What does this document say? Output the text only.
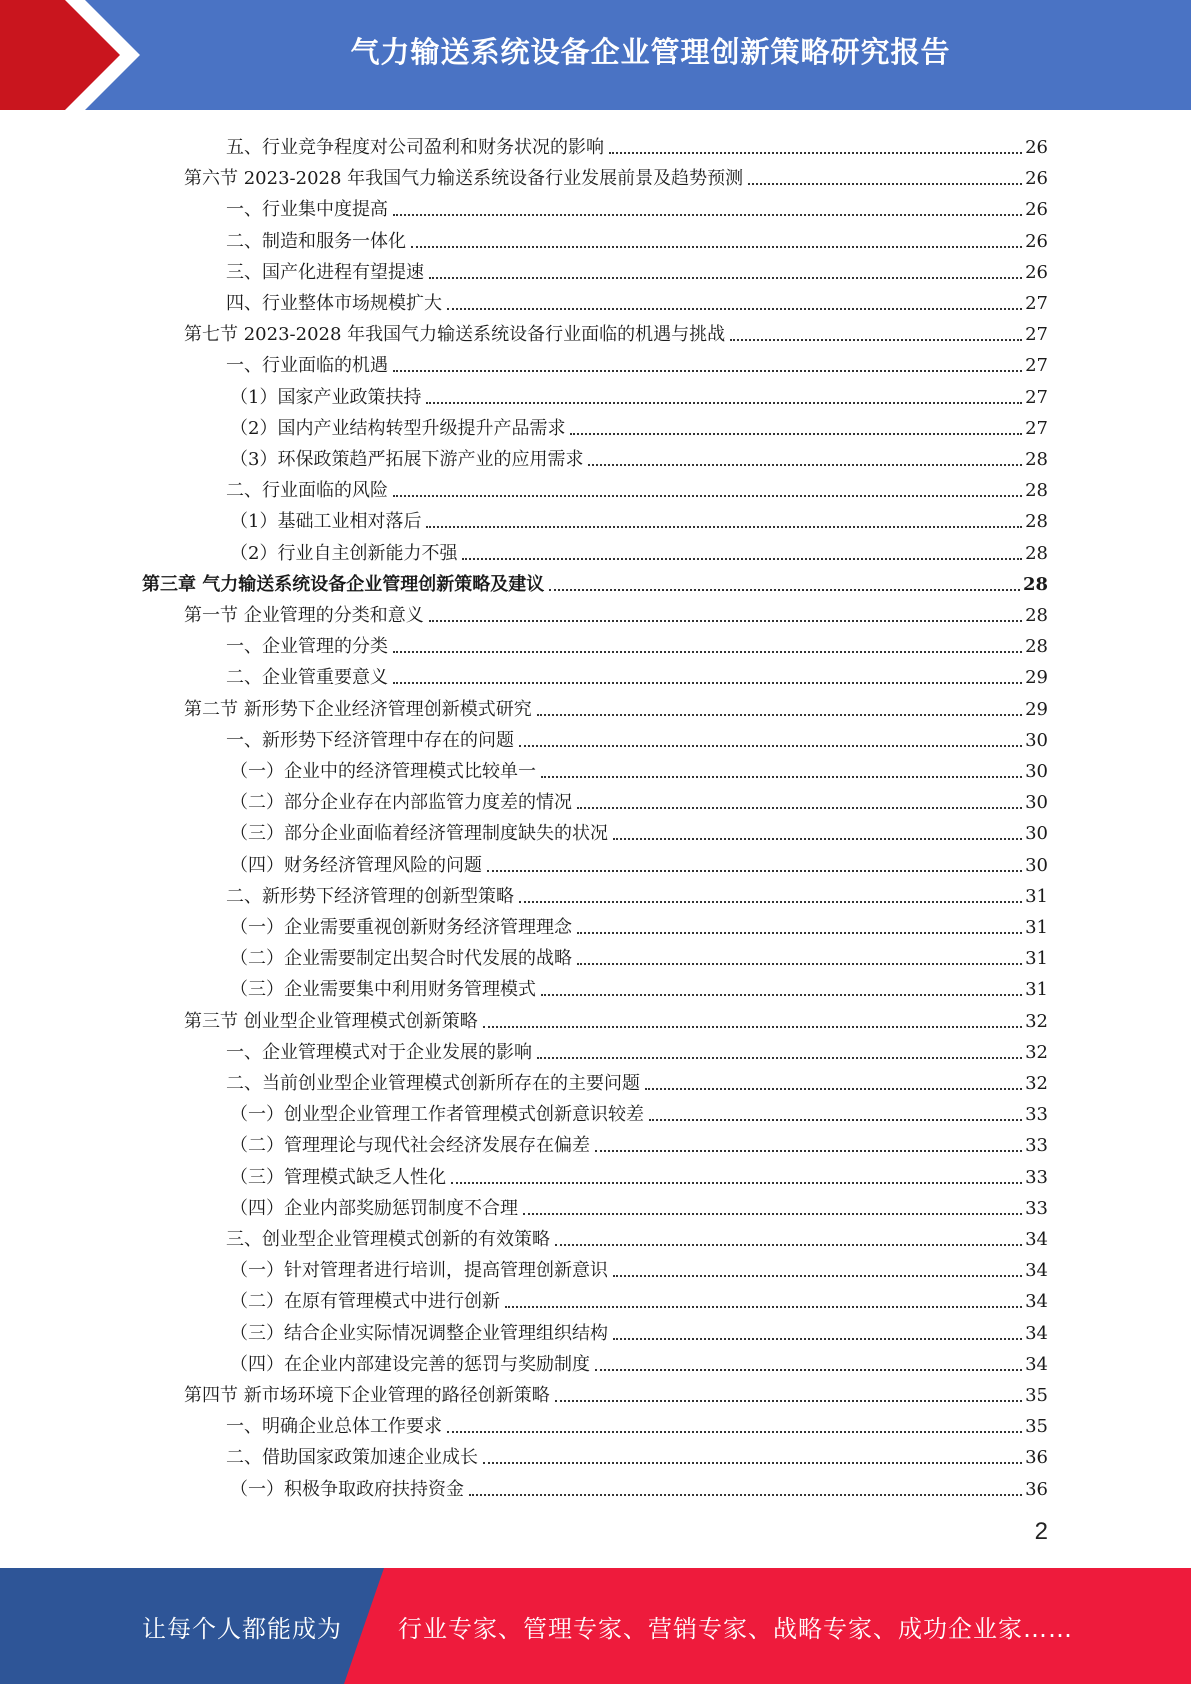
气力输送系统设备企业管理创新策略研究报告
五、行业竞争程度对公司盈利和财务状况的影响	26
第六节 2023-2028 年我国气力输送系统设备行业发展前景及趋势预测	26
一、行业集中度提高	26
二、制造和服务一体化	26
三、国产化进程有望提速	26
四、行业整体市场规模扩大	27
第七节 2023-2028 年我国气力输送系统设备行业面临的机遇与挑战	27
一、行业面临的机遇	27
（1）国家产业政策扶持	27
（2）国内产业结构转型升级提升产品需求	27
（3）环保政策趋严拓展下游产业的应用需求	28
二、行业面临的风险	28
（1）基础工业相对落后	28
（2）行业自主创新能力不强	28
第三章 气力输送系统设备企业管理创新策略及建议	28
第一节 企业管理的分类和意义	28
一、企业管理的分类	28
二、企业管重要意义	29
第二节 新形势下企业经济管理创新模式研究	29
一、新形势下经济管理中存在的问题	30
（一）企业中的经济管理模式比较单一	30
（二）部分企业存在内部监管力度差的情况	30
（三）部分企业面临着经济管理制度缺失的状况	30
（四）财务经济管理风险的问题	30
二、新形势下经济管理的创新型策略	31
（一）企业需要重视创新财务经济管理理念	31
（二）企业需要制定出契合时代发展的战略	31
（三）企业需要集中利用财务管理模式	31
第三节 创业型企业管理模式创新策略	32
一、企业管理模式对于企业发展的影响	32
二、当前创业型企业管理模式创新所存在的主要问题	32
（一）创业型企业管理工作者管理模式创新意识较差	33
（二）管理理论与现代社会经济发展存在偏差	33
（三）管理模式缺乏人性化	33
（四）企业内部奖励惩罚制度不合理	33
三、创业型企业管理模式创新的有效策略	34
（一）针对管理者进行培训，提高管理创新意识	34
（二）在原有管理模式中进行创新	34
（三）结合企业实际情况调整企业管理组织结构	34
（四）在企业内部建设完善的惩罚与奖励制度	34
第四节 新市场环境下企业管理的路径创新策略	35
一、明确企业总体工作要求	35
二、借助国家政策加速企业成长	36
（一）积极争取政府扶持资金	36
2
让每个人都能成为 行业专家、管理专家、营销专家、战略专家、成功企业家……
